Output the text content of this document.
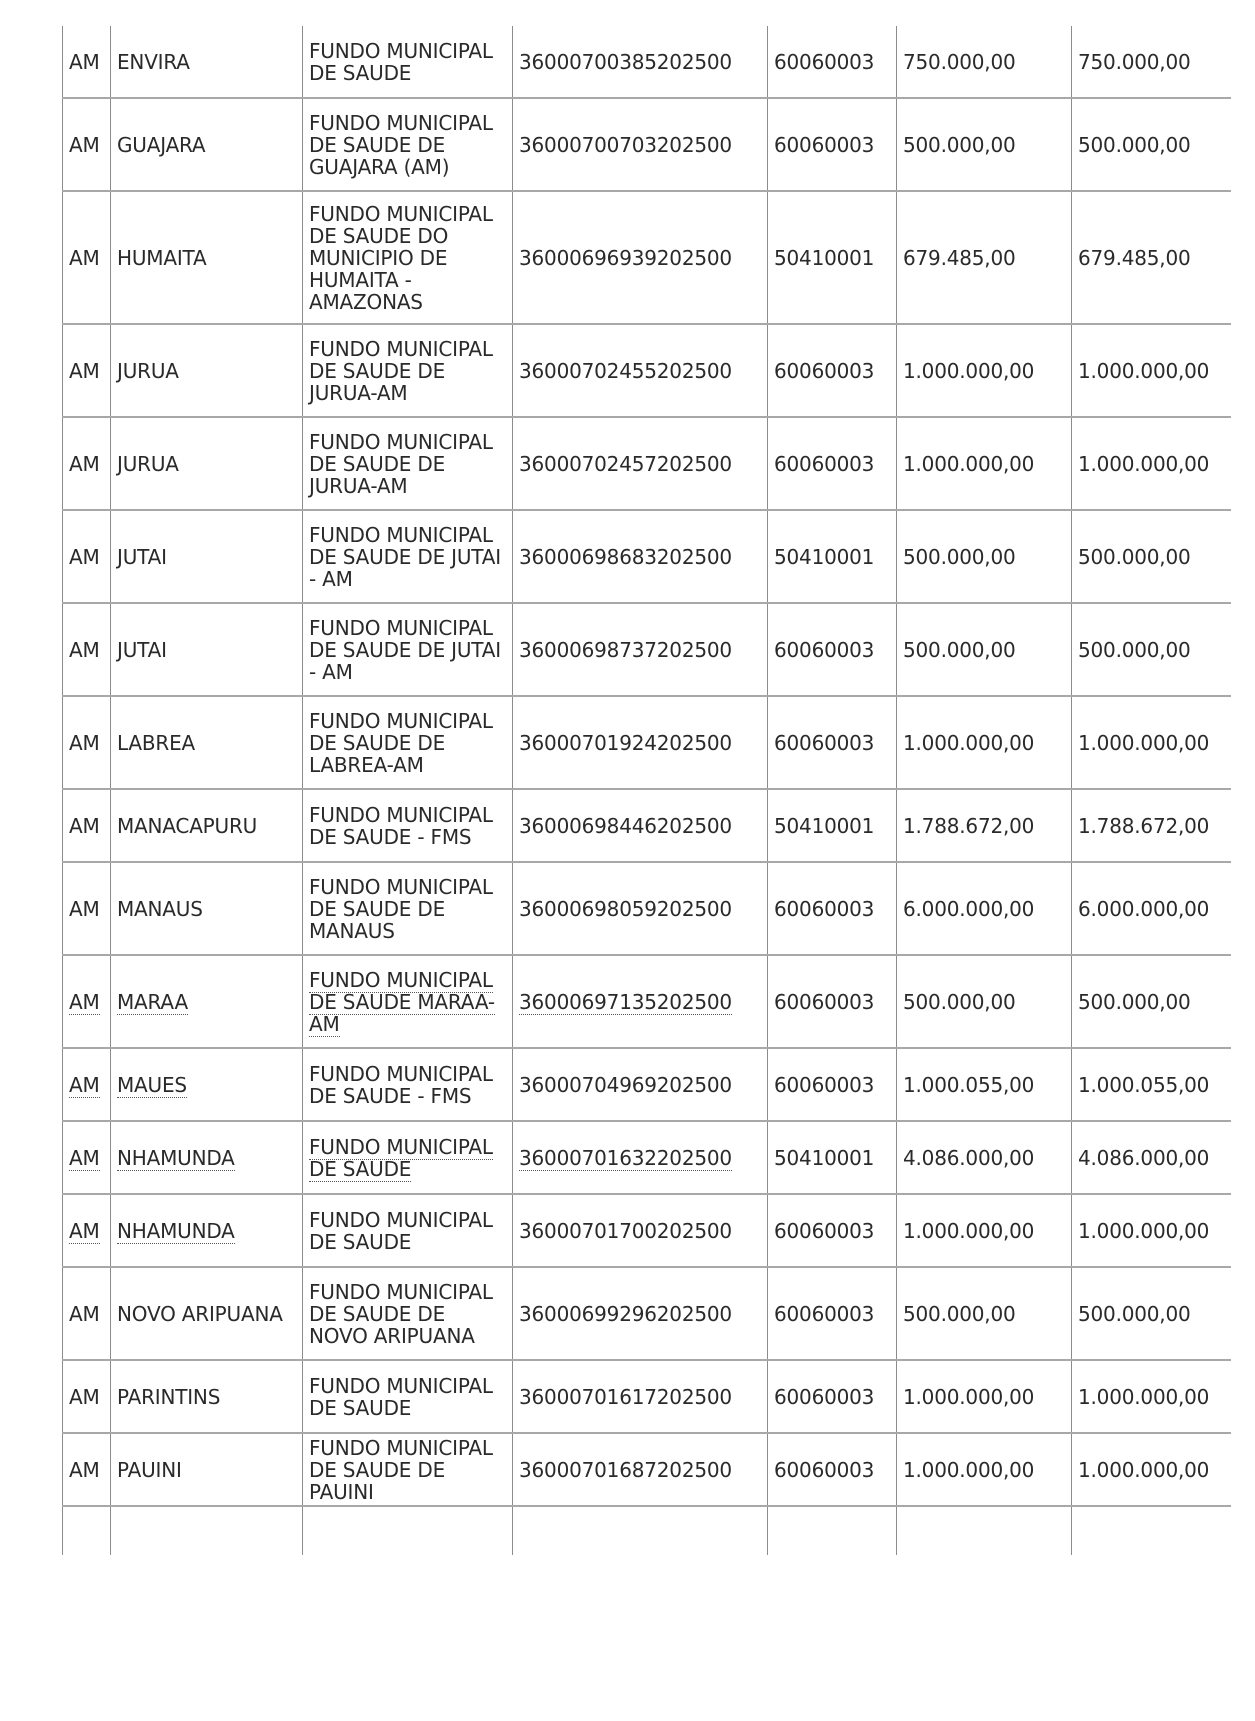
AM	ENVIRA	FUNDO MUNICIPAL DE SAUDE	36000700385202500	60060003	750.000,00	750.000,00
AM	GUAJARA	FUNDO MUNICIPAL DE SAUDE DE GUAJARA (AM)	36000700703202500	60060003	500.000,00	500.000,00
AM	HUMAITA	FUNDO MUNICIPAL DE SAUDE DO MUNICIPIO DE HUMAITA - AMAZONAS	36000696939202500	50410001	679.485,00	679.485,00
AM	JURUA	FUNDO MUNICIPAL DE SAUDE DE JURUA-AM	36000702455202500	60060003	1.000.000,00	1.000.000,00
AM	JURUA	FUNDO MUNICIPAL DE SAUDE DE JURUA-AM	36000702457202500	60060003	1.000.000,00	1.000.000,00
AM	JUTAI	FUNDO MUNICIPAL DE SAUDE DE JUTAI - AM	36000698683202500	50410001	500.000,00	500.000,00
AM	JUTAI	FUNDO MUNICIPAL DE SAUDE DE JUTAI - AM	36000698737202500	60060003	500.000,00	500.000,00
AM	LABREA	FUNDO MUNICIPAL DE SAUDE DE LABREA-AM	36000701924202500	60060003	1.000.000,00	1.000.000,00
AM	MANACAPURU	FUNDO MUNICIPAL DE SAUDE - FMS	36000698446202500	50410001	1.788.672,00	1.788.672,00
AM	MANAUS	FUNDO MUNICIPAL DE SAUDE DE MANAUS	36000698059202500	60060003	6.000.000,00	6.000.000,00
AM	MARAA	FUNDO MUNICIPAL DE SAUDE MARAA-AM	36000697135202500	60060003	500.000,00	500.000,00
AM	MAUES	FUNDO MUNICIPAL DE SAUDE - FMS	36000704969202500	60060003	1.000.055,00	1.000.055,00
AM	NHAMUNDA	FUNDO MUNICIPAL DE SAUDE	36000701632202500	50410001	4.086.000,00	4.086.000,00
AM	NHAMUNDA	FUNDO MUNICIPAL DE SAUDE	36000701700202500	60060003	1.000.000,00	1.000.000,00
AM	NOVO ARIPUANA	FUNDO MUNICIPAL DE SAUDE DE NOVO ARIPUANA	36000699296202500	60060003	500.000,00	500.000,00
AM	PARINTINS	FUNDO MUNICIPAL DE SAUDE	36000701617202500	60060003	1.000.000,00	1.000.000,00
AM	PAUINI	FUNDO MUNICIPAL DE SAUDE DE PAUINI	36000701687202500	60060003	1.000.000,00	1.000.000,00
